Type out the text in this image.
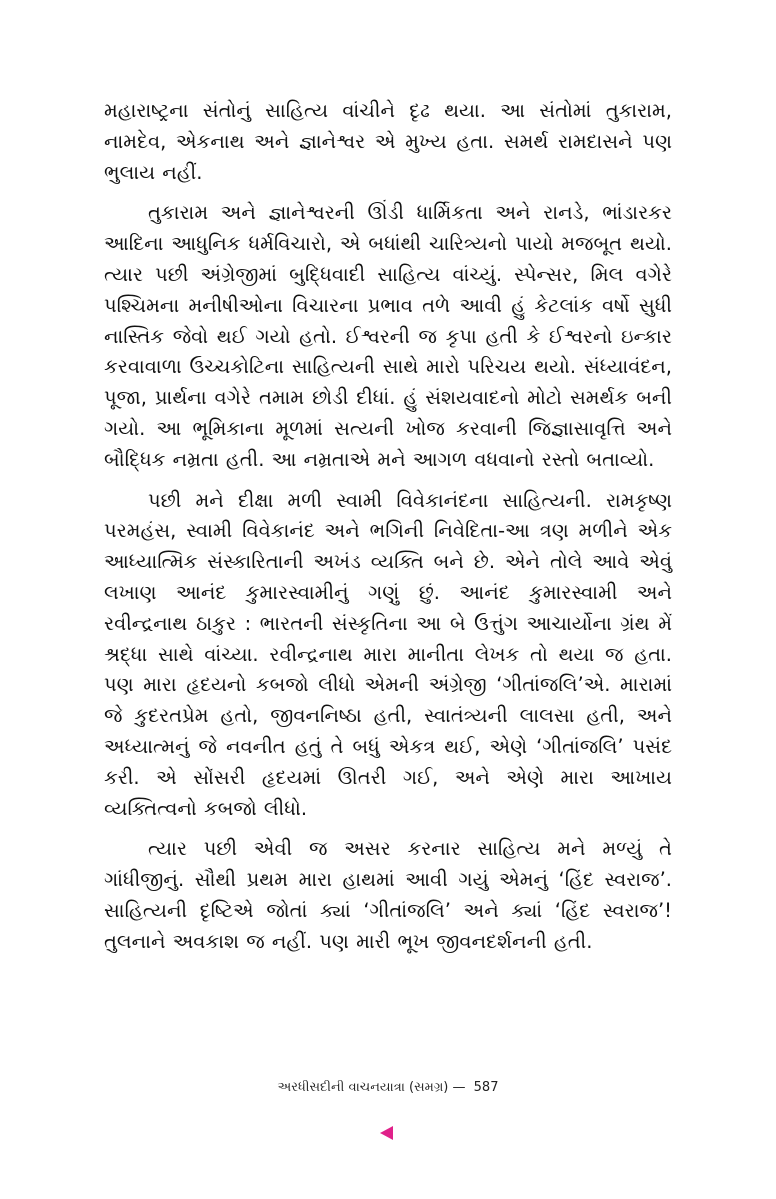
મહારાષ્ટ્રના સંતોનું સાહિત્ય વાંચીને દૃઢ થયા. આ સંતોમાં તુકારામ, નામદેવ, એકનાથ અને જ્ઞાનેશ્વર એ મુખ્ય હતા. સમર્થ રામદાસને પણ ભુલાય નહીં.

તુકારામ અને જ્ઞાનેશ્વરની ઊંડી ધાર્મિકતા અને રાનડે, ભાંડારકર આદિના આધુનિક ધર્મવિચારો, એ બધાંથી ચારિત્ર્યનો પાયો મજબૂત થયો. ત્યાર પછી અંગ્રેજીમાં બુદ્ધિવાદી સાહિત્ય વાંચ્યું. સ્પેન્સર, મિલ વગેરે પશ્ચિમના મનીષીઓના વિચારના પ્રભાવ તળે આવી હું કેટલાંક વર્ષો સુધી નાસ્તિક જેવો થઈ ગયો હતો. ઈશ્વરની જ કૃપા હતી કે ઈશ્વરનો ઇન્કાર કરવાવાળા ઉચ્ચકોટિના સાહિત્યની સાથે મારો પરિચય થયો. સંધ્યાવંદન, પૂજા, પ્રાર્થના વગેરે તમામ છોડી દીધાં. હું સંશયવાદનો મોટો સમર્થક બની ગયો. આ ભૂમિકાના મૂળમાં સત્યની ખોજ કરવાની જિજ્ઞાસાવૃત્તિ અને બૌદ્ધિક નમ્રતા હતી. આ નમ્રતાએ મને આગળ વધવાનો રસ્તો બતાવ્યો.

પછી મને દીક્ષા મળી સ્વામી વિવેકાનંદના સાહિત્યની. રામકૃષ્ણ પરમહંસ, સ્વામી વિવેકાનંદ અને ભગિની નિવેદિતા-આ ત્રણ મળીને એક આધ્યાત્મિક સંસ્કારિતાની અખંડ વ્યક્તિ બને છે. એને તોલે આવે એવું લખાણ આનંદ કુમારસ્વામીનું ગણું છું. આનંદ કુમારસ્વામી અને રવીન્દ્રનાથ ઠાકુર : ભારતની સંસ્કૃતિના આ બે ઉત્તુંગ આચાર્યોના ગ્રંથ મેં શ્રદ્ધા સાથે વાંચ્યા. રવીન્દ્રનાથ મારા માનીતા લેખક તો થયા જ હતા. પણ મારા હૃદયનો કબજો લીધો એમની અંગ્રેજી ‘ગીતાંજલિ’એ. મારામાં જે કુદરતપ્રેમ હતો, જીવનનિષ્ઠા હતી, સ્વાતંત્ર્યની લાલસા હતી, અને અધ્યાત્મનું જે નવનીત હતું તે બધું એકત્ર થઈ, એણે ‘ગીતાંજલિ’ પસંદ કરી. એ સોંસરી હૃદયમાં ઊતરી ગઈ, અને એણે મારા આખાય વ્યક્તિત્વનો કબજો લીધો.

ત્યાર પછી એવી જ અસર કરનાર સાહિત્ય મને મળ્યું તે ગાંધીજીનું. સૌથી પ્રથમ મારા હાથમાં આવી ગયું એમનું ‘હિંદ સ્વરાજ’. સાહિત્યની દૃષ્ટિએ જોતાં ક્યાં ‘ગીતાંજલિ’ અને ક્યાં ‘હિંદ સ્વરાજ’! તુલનાને અવકાશ જ નહીં. પણ મારી ભૂખ જીવનદર્શનની હતી.

અરધીસદીની વાચનયાત્રા (સમગ્ર) — 587
